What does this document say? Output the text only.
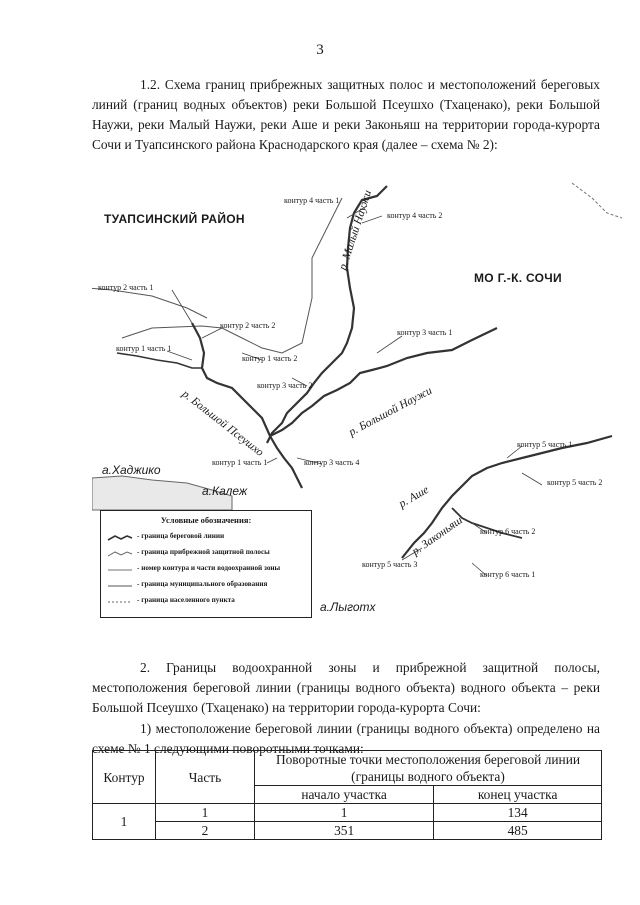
3
1.2. Схема границ прибрежных защитных полос и местоположений береговых линий (границ водных объектов) реки Большой Псеушхо (Тхаценако), реки Большой Наужи, реки Малый Наужи, реки Аше и реки Законьяш на территории города-курорта Сочи и Туапсинского района Краснодарского края (далее – схема № 2):
ТУАПСИНСКИЙ РАЙОН
МО Г.-К. СОЧИ
р. Малый Наужи
р. Большой Наужи
р. Большой Псеушхо
р. Аше
р. Законьяш
а.Хаджико
а.Калеж
а.Лыготх
контур 4 часть 1
контур 4 часть 2
контур 2 часть 1
контур 2 часть 2
контур 1 часть 1
контур 1 часть 2
контур 3 часть 1
контур 3 часть 2
контур 3 часть 4
контур 1 часть 1
контур 5 часть 1
контур 5 часть 2
контур 6 часть 2
контур 5 часть 3
контур 6 часть 1
Условные обозначения:
- граница береговой линии
- граница прибрежной защитной полосы
- номер контура и части водоохранной зоны
- граница муниципального образования
- граница населенного пункта
2. Границы водоохранной зоны и прибрежной защитной полосы, местоположения береговой линии (границы водного объекта) водного объекта – реки Большой Псеушхо (Тхаценако) на территории города-курорта Сочи:
1) местоположение береговой линии (границы водного объекта) определено на схеме № 1 следующими поворотными точками:
Контур	Часть	Поворотные точки местоположения береговой линии (границы водного объекта)	
		начало участка	конец участка
1	1	1	134
	2	351	485
